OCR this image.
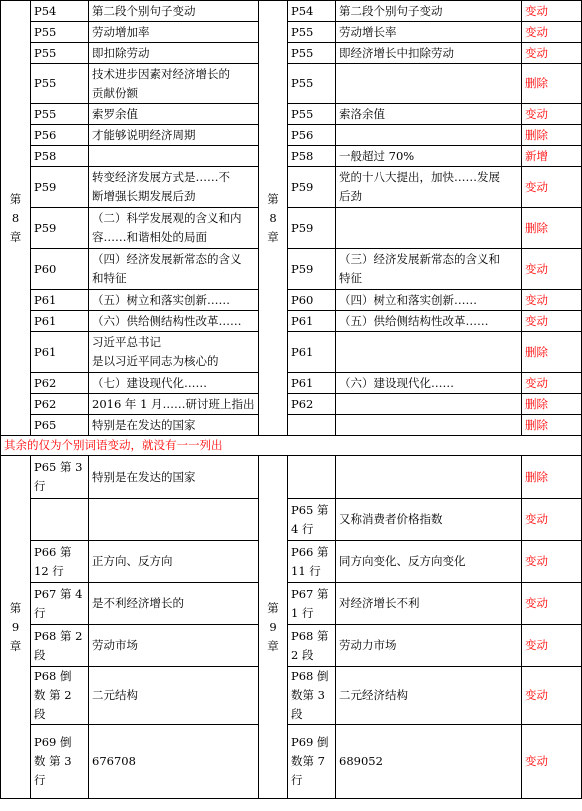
第
8
章	P54	第二段个别句子变动	第
8
章	P54	第二段个别句子变动	变动
	P55	劳动增加率		P55	劳动增长率	变动
	P55	即扣除劳动		P55	即经济增长中扣除劳动	变动
	P55	技术进步因素对经济增长的
贡献份额		P55		删除
	P55	索罗余值		P55	索洛余值	变动
	P56	才能够说明经济周期		P56		删除
	P58			P58	一般超过 70%	新增
	P59	转变经济发展方式是……不
断增强长期发展后劲		P59	党的十八大提出，加快……发展
后劲	变动
	P59	（二）科学发展观的含义和内
容……和谐相处的局面		P59		删除
	P60	（四）经济发展新常态的含义
和特征		P59	（三）经济发展新常态的含义和
特征	变动
	P61	（五）树立和落实创新……		P60	（四）树立和落实创新……	变动
	P61	（六）供给侧结构性改革……		P61	（五）供给侧结构性改革……	变动
	P61	习近平总书记
是以习近平同志为核心的		P61		删除
	P62	（七）建设现代化……		P61	（六）建设现代化……	变动
	P62	2016 年 1 月……研讨班上指出		P62		删除
	P65	特别是在发达的国家				删除
其余的仅为个别词语变动，就没有一一列出						
第
9
章	P65 第 3
行	特别是在发达的国家	第
9
章			删除

				P65 第
4 行	又称消费者价格指数	变动

	P66 第
12 行	正方向、反方向		P66 第
11 行	同方向变化、反方向变化	变动

	P67 第 4
行	是不利经济增长的		P67 第
1 行	对经济增长不利	变动

	P68 第 2
段	劳动市场		P68 第
2 段	劳动力市场	变动

	P68 倒
数 第 2
段	二元结构		P68 倒
数第 3
段	二元经济结构	变动

	P69 倒
数 第 3
行	676708		P69 倒
数第 7
行	689052	变动
